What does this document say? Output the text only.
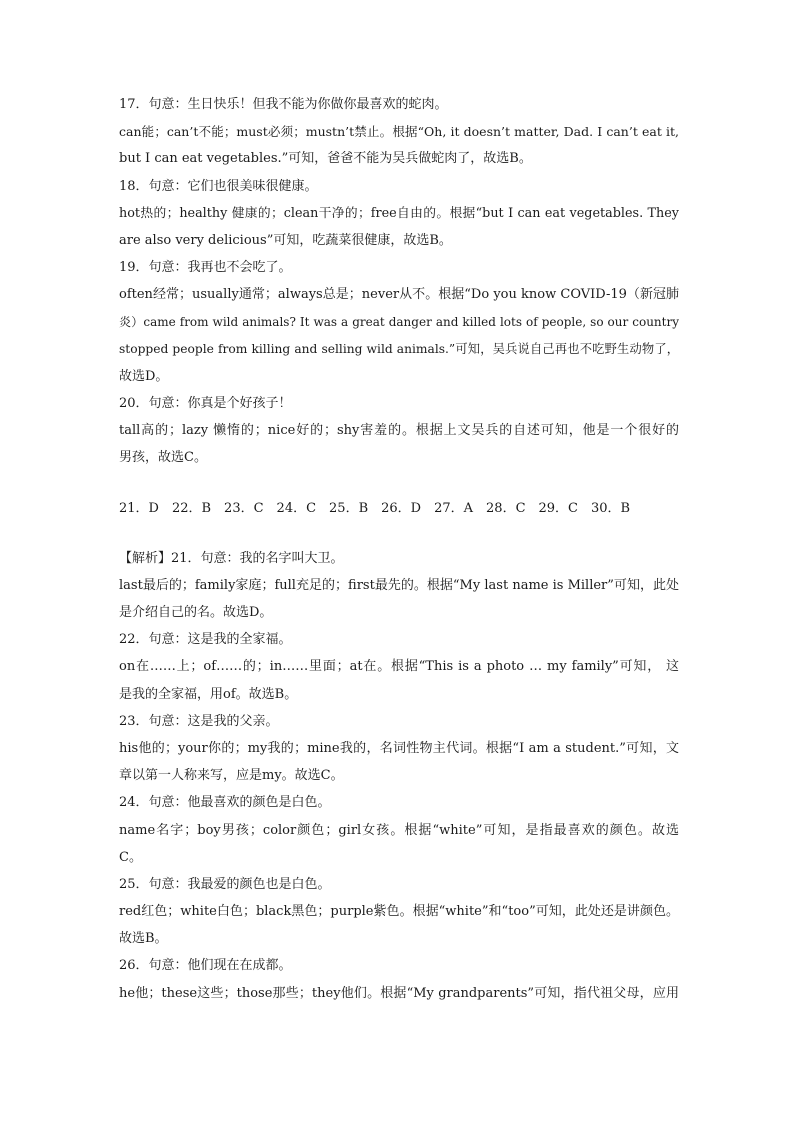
17．句意：生日快乐！但我不能为你做你最喜欢的蛇肉。
can能；can’t不能；must必须；mustn’t禁止。根据“Oh, it doesn’t matter, Dad. I can’t eat it,
but I can eat vegetables.”可知，爸爸不能为吴兵做蛇肉了，故选B。
18．句意：它们也很美味很健康。
hot热的；healthy 健康的；clean干净的；free自由的。根据“but I can eat vegetables. They
are also very delicious”可知，吃蔬菜很健康，故选B。
19．句意：我再也不会吃了。
often经常；usually通常；always总是；never从不。根据“Do you know COVID-19（新冠肺
炎）came from wild animals? It was a great danger and killed lots of people, so our country
stopped people from killing and selling wild animals.”可知，吴兵说自己再也不吃野生动物了，
故选D。
20．句意：你真是个好孩子！
tall高的；lazy 懒惰的；nice好的；shy害羞的。根据上文吴兵的自述可知，他是一个很好的
男孩，故选C。
21．D　22．B　23．C　24．C　25．B　26．D　27．A　28．C　29．C　30．B
【解析】21．句意：我的名字叫大卫。
last最后的；family家庭；full充足的；first最先的。根据“My last name is Miller”可知，此处
是介绍自己的名。故选D。
22．句意：这是我的全家福。
on在……上；of……的；in……里面；at在。根据“This is a photo … my family”可知， 这
是我的全家福，用of。故选B。
23．句意：这是我的父亲。
his他的；your你的；my我的；mine我的，名词性物主代词。根据“I am a student.”可知，文
章以第一人称来写，应是my。故选C。
24．句意：他最喜欢的颜色是白色。
name名字；boy男孩；color颜色；girl女孩。根据“white”可知，是指最喜欢的颜色。故选
C。
25．句意：我最爱的颜色也是白色。
red红色；white白色；black黑色；purple紫色。根据“white”和“too”可知，此处还是讲颜色。
故选B。
26．句意：他们现在在成都。
he他；these这些；those那些；they他们。根据“My grandparents”可知，指代祖父母，应用
